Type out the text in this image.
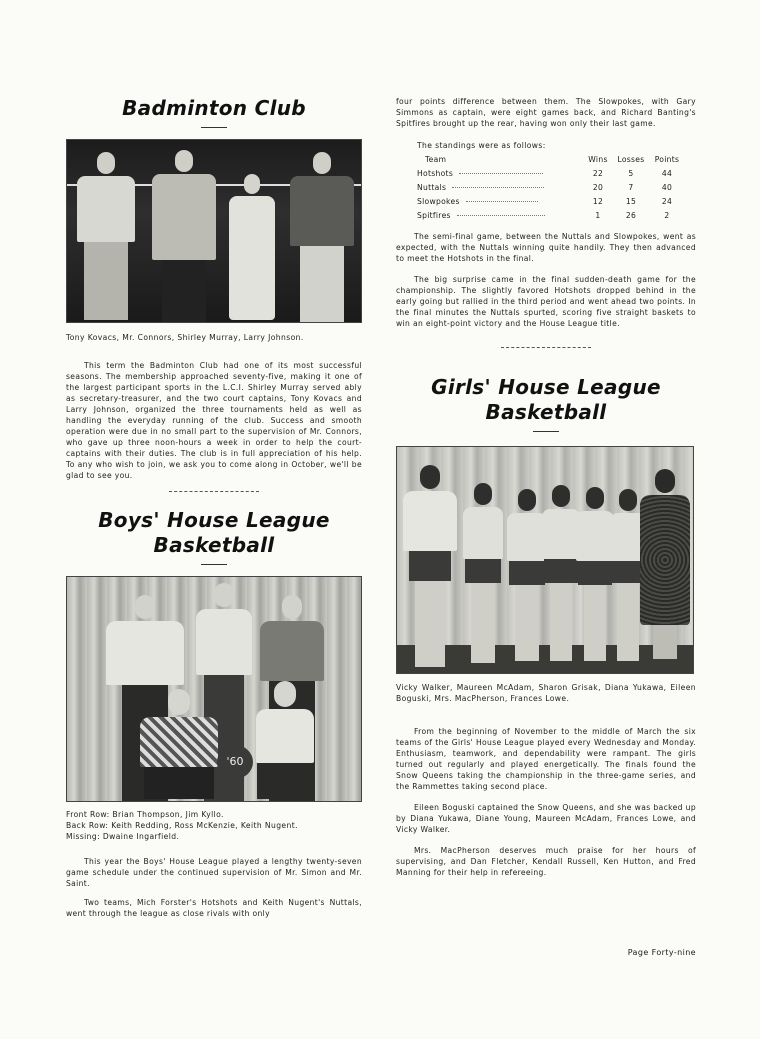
Badminton Club
Tony Kovacs, Mr. Connors, Shirley Murray, Larry Johnson.

This term the Badminton Club had one of its most successful seasons. The membership approached seventy-five, making it one of the largest participant sports in the L.C.I. Shirley Murray served ably as secretary-treasurer, and the two court captains, Tony Kovacs and Larry Johnson, organized the three tournaments held as well as handling the everyday running of the club. Success and smooth operation were due in no small part to the supervision of Mr. Connors, who gave up three noon-hours a week in order to help the court-captains with their duties. The club is in full appreciation of his help. To any who wish to join, we ask you to come along in October, we'll be glad to see you.

Boys' House League
Basketball
'60
Front Row: Brian Thompson, Jim Kyllo.
Back Row: Keith Redding, Ross McKenzie, Keith Nugent.
Missing: Dwaine Ingarfield.

This year the Boys' House League played a lengthy twenty-seven game schedule under the continued supervision of Mr. Simon and Mr. Saint.

Two teams, Mich Forster's Hotshots and Keith Nugent's Nuttals, went through the league as close rivals with only

four points difference between them. The Slowpokes, with Gary Simmons as captain, were eight games back, and Richard Banting's Spitfires brought up the rear, having won only their last game.

The standings were as follows:
Team	Wins	Losses	Points
Hotshots	22	5	44
Nuttals	20	7	40
Slowpokes	12	15	24
Spitfires	1	26	2

The semi-final game, between the Nuttals and Slowpokes, went as expected, with the Nuttals winning quite handily. They then advanced to meet the Hotshots in the final.

The big surprise came in the final sudden-death game for the championship. The slightly favored Hotshots dropped behind in the early going but rallied in the third period and went ahead two points. In the final minutes the Nuttals spurted, scoring five straight baskets to win an eight-point victory and the House League title.

Girls' House League
Basketball
Vicky Walker, Maureen McAdam, Sharon Grisak, Diana Yukawa, Eileen Boguski, Mrs. MacPherson, Frances Lowe.

From the beginning of November to the middle of March the six teams of the Girls' House League played every Wednesday and Monday. Enthusiasm, teamwork, and dependability were rampant. The girls turned out regularly and played energetically. The finals found the Snow Queens taking the championship in the three-game series, and the Rammettes taking second place.

Eileen Boguski captained the Snow Queens, and she was backed up by Diana Yukawa, Diane Young, Maureen McAdam, Frances Lowe, and Vicky Walker.

Mrs. MacPherson deserves much praise for her hours of supervising, and Dan Fletcher, Kendall Russell, Ken Hutton, and Fred Manning for their help in refereeing.

Page Forty-nine
